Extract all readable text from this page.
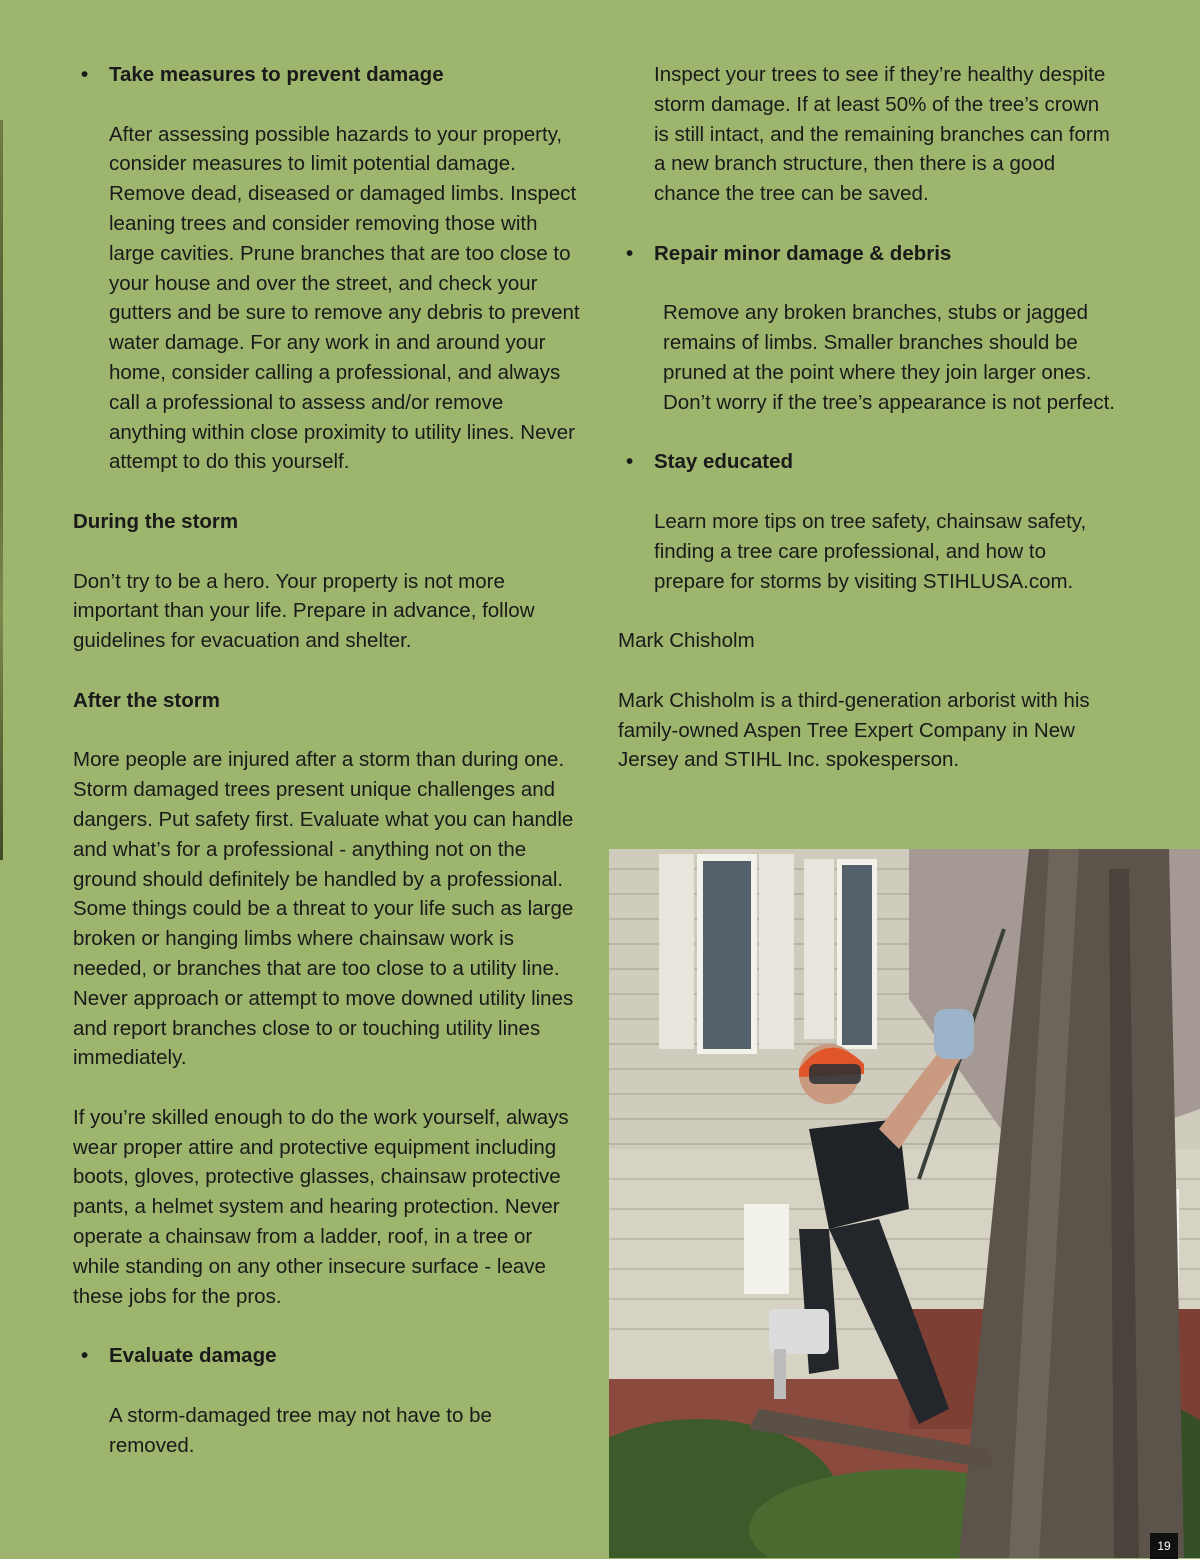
• Take measures to prevent damage
After assessing possible hazards to your property, consider measures to limit potential damage. Remove dead, diseased or damaged limbs. Inspect leaning trees and consider removing those with large cavities. Prune branches that are too close to your house and over the street, and check your gutters and be sure to remove any debris to prevent water damage. For any work in and around your home, consider calling a professional, and always call a professional to assess and/or remove anything within close proximity to utility lines. Never attempt to do this yourself.
During the storm

Don’t try to be a hero. Your property is not more important than your life. Prepare in advance, follow guidelines for evacuation and shelter.

After the storm

More people are injured after a storm than during one. Storm damaged trees present unique challenges and dangers. Put safety first. Evaluate what you can handle and what’s for a professional - anything not on the ground should definitely be handled by a professional. Some things could be a threat to your life such as large broken or hanging limbs where chainsaw work is needed, or branches that are too close to a utility line. Never approach or attempt to move downed utility lines and report branches close to or touching utility lines immediately.

If you’re skilled enough to do the work yourself, always wear proper attire and protective equipment including boots, gloves, protective glasses, chainsaw protective pants, a helmet system and hearing protection. Never operate a chainsaw from a ladder, roof, in a tree or while standing on any other insecure surface - leave these jobs for the pros.

• Evaluate damage
A storm-damaged tree may not have to be removed.
Inspect your trees to see if they’re healthy despite storm damage. If at least 50% of the tree’s crown is still intact, and the remaining branches can form a new branch structure, then there is a good chance the tree can be saved.
• Repair minor damage & debris
Remove any broken branches, stubs or jagged remains of limbs. Smaller branches should be pruned at the point where they join larger ones. Don’t worry if the tree’s appearance is not perfect.
• Stay educated
Learn more tips on tree safety, chainsaw safety, finding a tree care professional, and how to prepare for storms by visiting STIHLUSA.com.

Mark Chisholm

Mark Chisholm is a third-generation arborist with his family-owned Aspen Tree Expert Company in New Jersey and STIHL Inc. spokesperson.

19
